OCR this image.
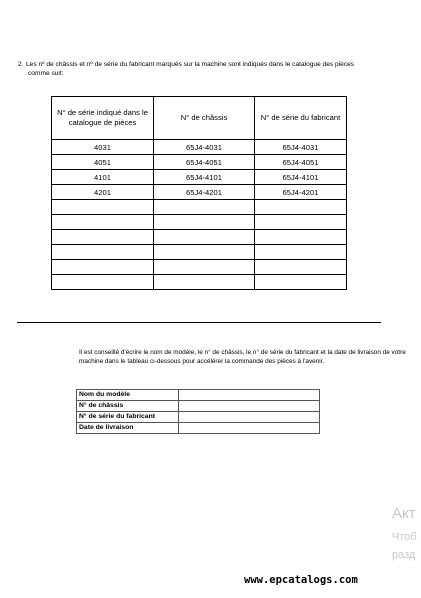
2. Les nº de châssis et nº de série du fabricant marqués sur la machine sont indiqués dans le catalogue des pièces
comme suit:
N° de série indiqué dans le catalogue de pièces	N° de châssis	N° de série du fabricant
4031	65J4-4031	65J4-4031
4051	65J4-4051	65J4-4051
4101	65J4-4101	65J4-4101
4201	65J4-4201	65J4-4201

Il est conseillé d'écrire le nom de modèle, le n° de châssis, le n° de série du fabricant et la date de livraison de votre machine dans le tableau ci-dessous pour accélérer la commande des pièces à l'avenir.
Nom du modèle	
N° de châssis	
N° de série du fabricant	
Date de livraison	
Акт
Чтоб
разд
www.epcatalogs.com
